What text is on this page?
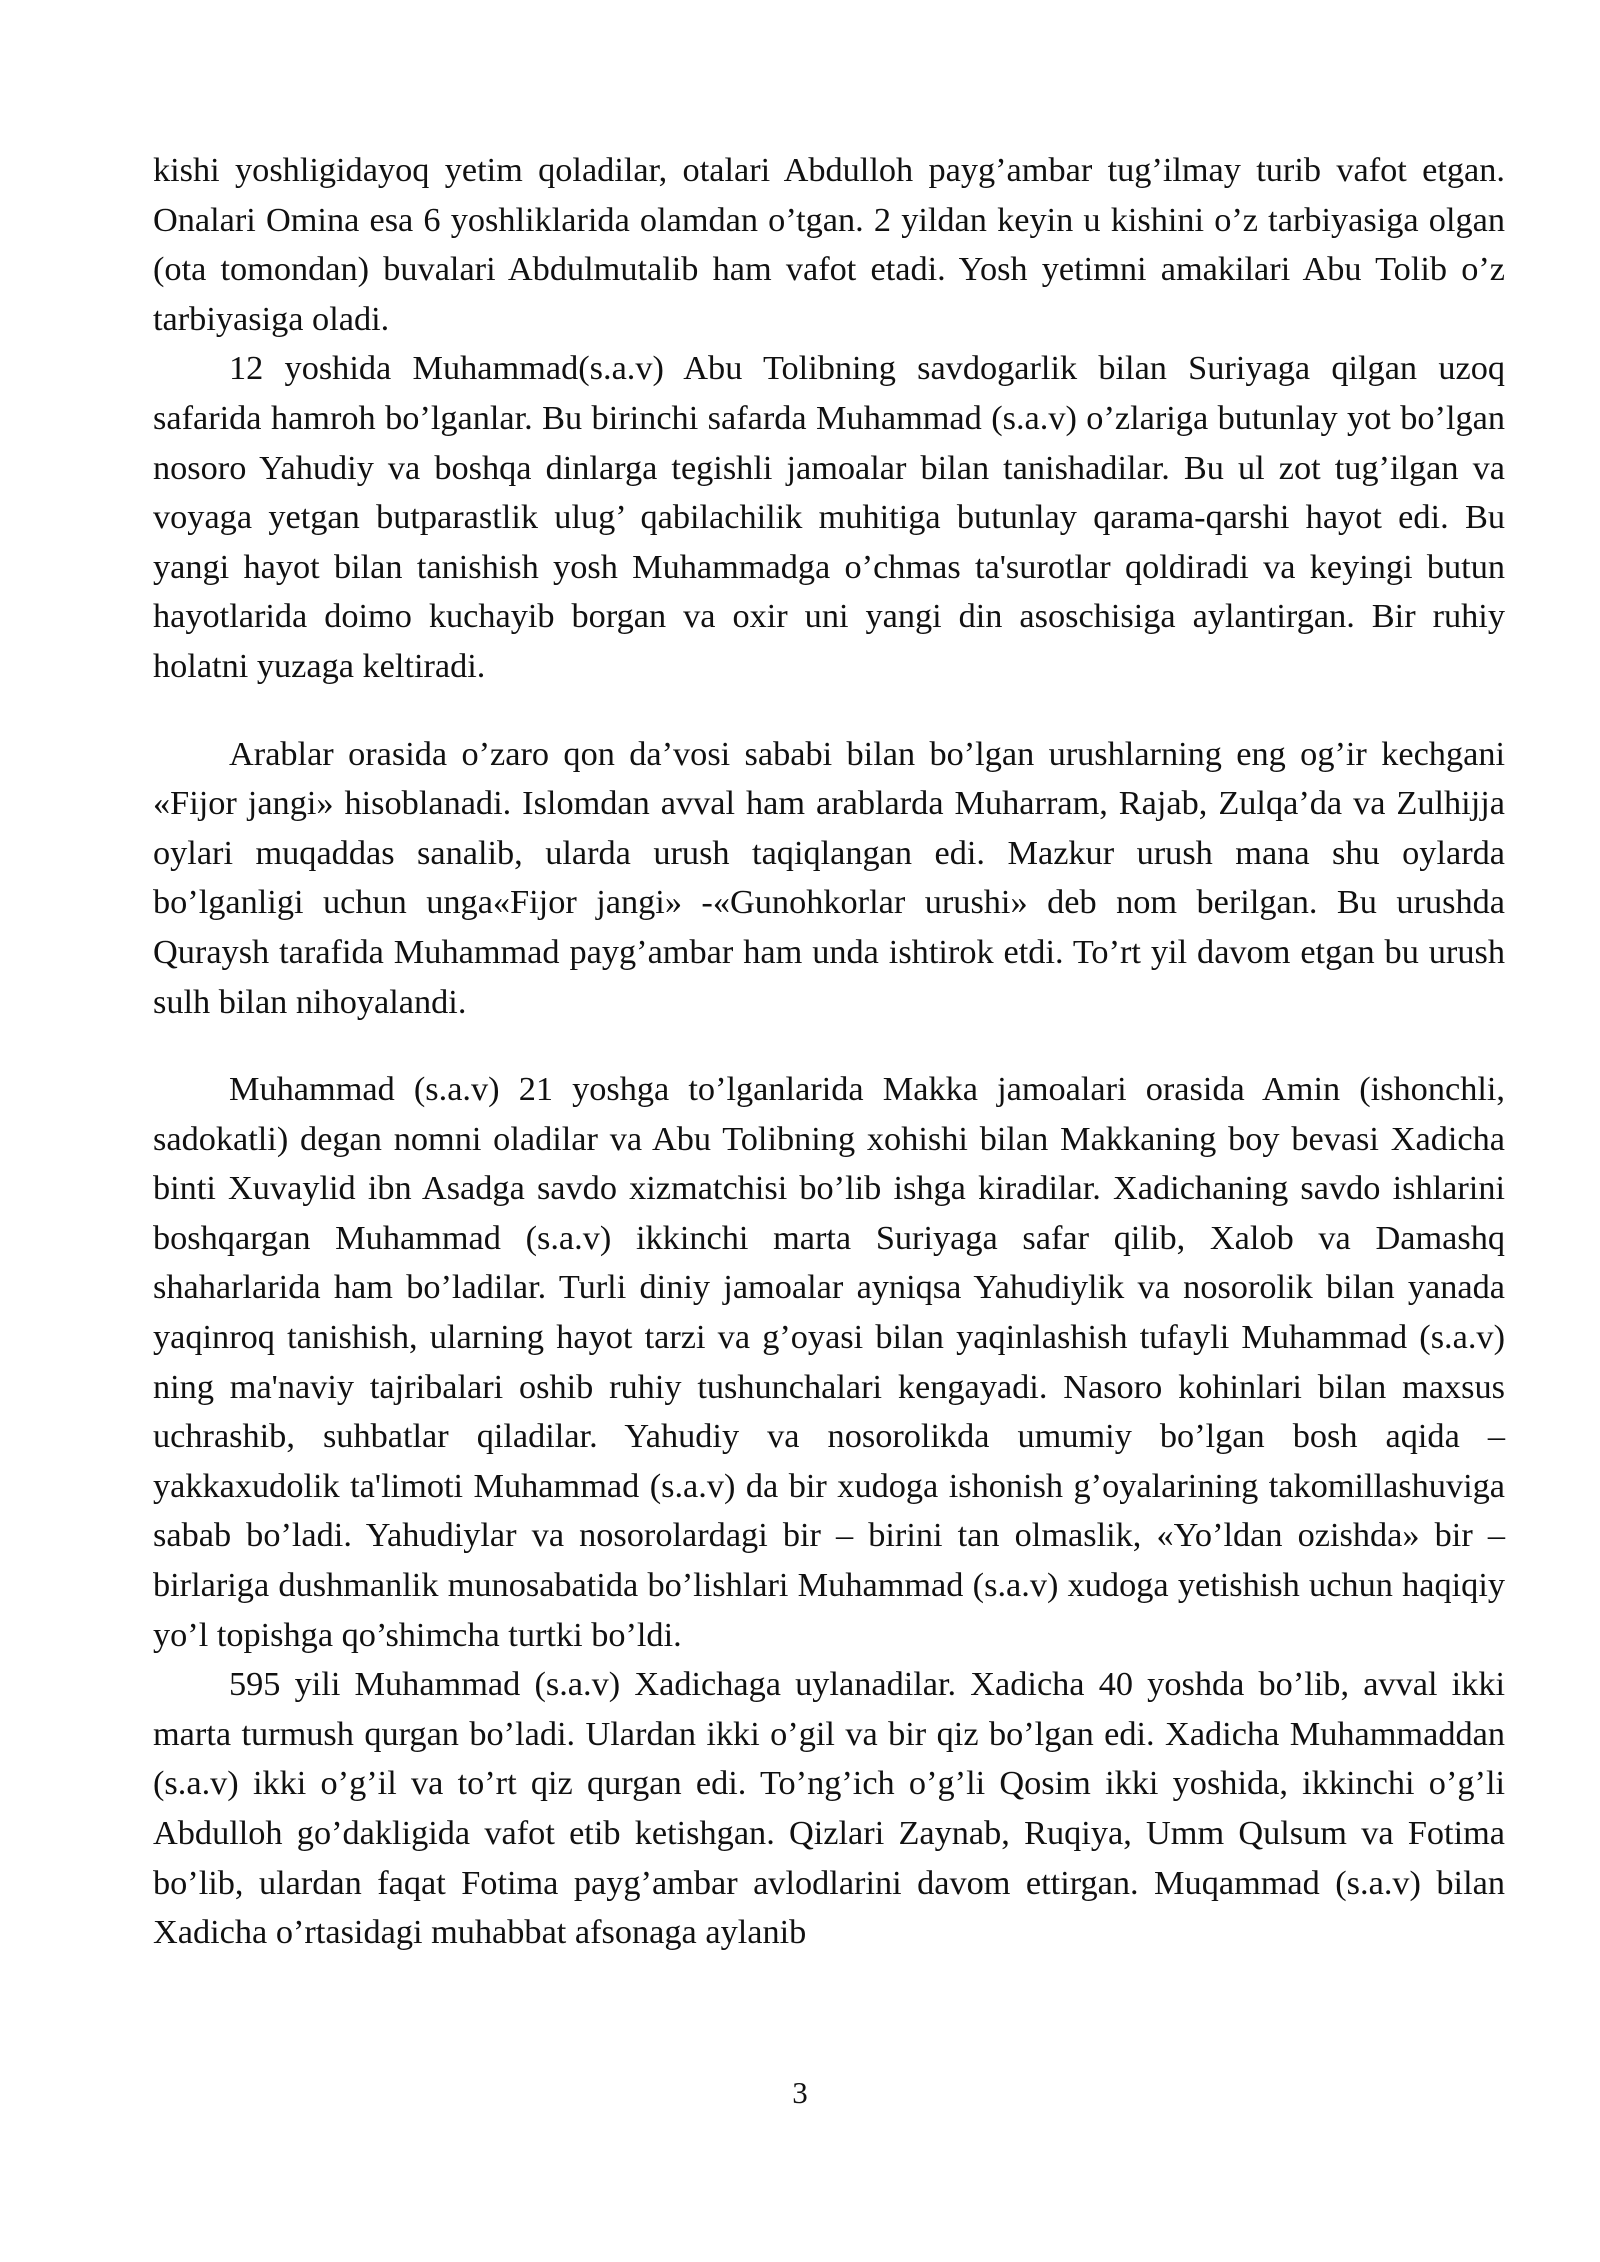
kishi yoshligidayoq yetim qoladilar, otalari Abdulloh payg’ambar tug’ilmay turib vafot etgan. Onalari Omina esa 6 yoshliklarida olamdan o’tgan. 2 yildan keyin u kishini o’z tarbiyasiga olgan (ota tomondan) buvalari Abdulmutalib ham vafot etadi. Yosh yetimni amakilari Abu Tolib o’z tarbiyasiga oladi.

12 yoshida Muhammad(s.a.v) Abu Tolibning savdogarlik bilan Suriyaga qilgan uzoq safarida hamroh bo’lganlar. Bu birinchi safarda Muhammad (s.a.v) o’zlariga butunlay yot bo’lgan nosoro Yahudiy va boshqa dinlarga tegishli jamoalar bilan tanishadilar. Bu ul zot tug’ilgan va voyaga yetgan butparastlik ulug’ qabilachilik muhitiga butunlay qarama-qarshi hayot edi. Bu yangi hayot bilan tanishish yosh Muhammadga o’chmas ta'surotlar qoldiradi va keyingi butun hayotlarida doimo kuchayib borgan va oxir uni yangi din asoschisiga aylantirgan. Bir ruhiy holatni yuzaga keltiradi.

Arablar orasida o’zaro qon da’vosi sababi bilan bo’lgan urushlarning eng og’ir kechgani «Fijor jangi» hisoblanadi. Islomdan avval ham arablarda Muharram, Rajab, Zulqa’da va Zulhijja oylari muqaddas sanalib, ularda urush taqiqlangan edi. Mazkur urush mana shu oylarda bo’lganligi uchun unga«Fijor jangi» -«Gunohkorlar urushi» deb nom berilgan. Bu urushda Quraysh tarafida Muhammad payg’ambar ham unda ishtirok etdi. To’rt yil davom etgan bu urush sulh bilan nihoyalandi.

Muhammad (s.a.v) 21 yoshga to’lganlarida Makka jamoalari orasida Amin (ishonchli, sadokatli) degan nomni oladilar va Abu Tolibning xohishi bilan Makkaning boy bevasi Xadicha binti Xuvaylid ibn Asadga savdo xizmatchisi bo’lib ishga kiradilar. Xadichaning savdo ishlarini boshqargan Muhammad (s.a.v) ikkinchi marta Suriyaga safar qilib, Xalob va Damashq shaharlarida ham bo’ladilar. Turli diniy jamoalar ayniqsa Yahudiylik va nosorolik bilan yanada yaqinroq tanishish, ularning hayot tarzi va g’oyasi bilan yaqinlashish tufayli Muhammad (s.a.v) ning ma'naviy tajribalari oshib ruhiy tushunchalari kengayadi. Nasoro kohinlari bilan maxsus uchrashib, suhbatlar qiladilar. Yahudiy va nosorolikda umumiy bo’lgan bosh aqida – yakkaxudolik ta'limoti Muhammad (s.a.v) da bir xudoga ishonish g’oyalarining takomillashuviga sabab bo’ladi. Yahudiylar va nosorolardagi bir – birini tan olmaslik, «Yo’ldan ozishda» bir – birlariga dushmanlik munosabatida bo’lishlari Muhammad (s.a.v) xudoga yetishish uchun haqiqiy yo’l topishga qo’shimcha turtki bo’ldi.

595 yili Muhammad (s.a.v) Xadichaga uylanadilar. Xadicha 40 yoshda bo’lib, avval ikki marta turmush qurgan bo’ladi. Ulardan ikki o’gil va bir qiz bo’lgan edi. Xadicha Muhammaddan (s.a.v) ikki o’g’il va to’rt qiz qurgan edi. To’ng’ich o’g’li Qosim ikki yoshida, ikkinchi o’g’li Abdulloh go’dakligida vafot etib ketishgan. Qizlari Zaynab, Ruqiya, Umm Qulsum va Fotima bo’lib, ulardan faqat Fotima payg’ambar avlodlarini davom ettirgan. Muqammad (s.a.v) bilan Xadicha o’rtasidagi muhabbat afsonaga aylanib

3
